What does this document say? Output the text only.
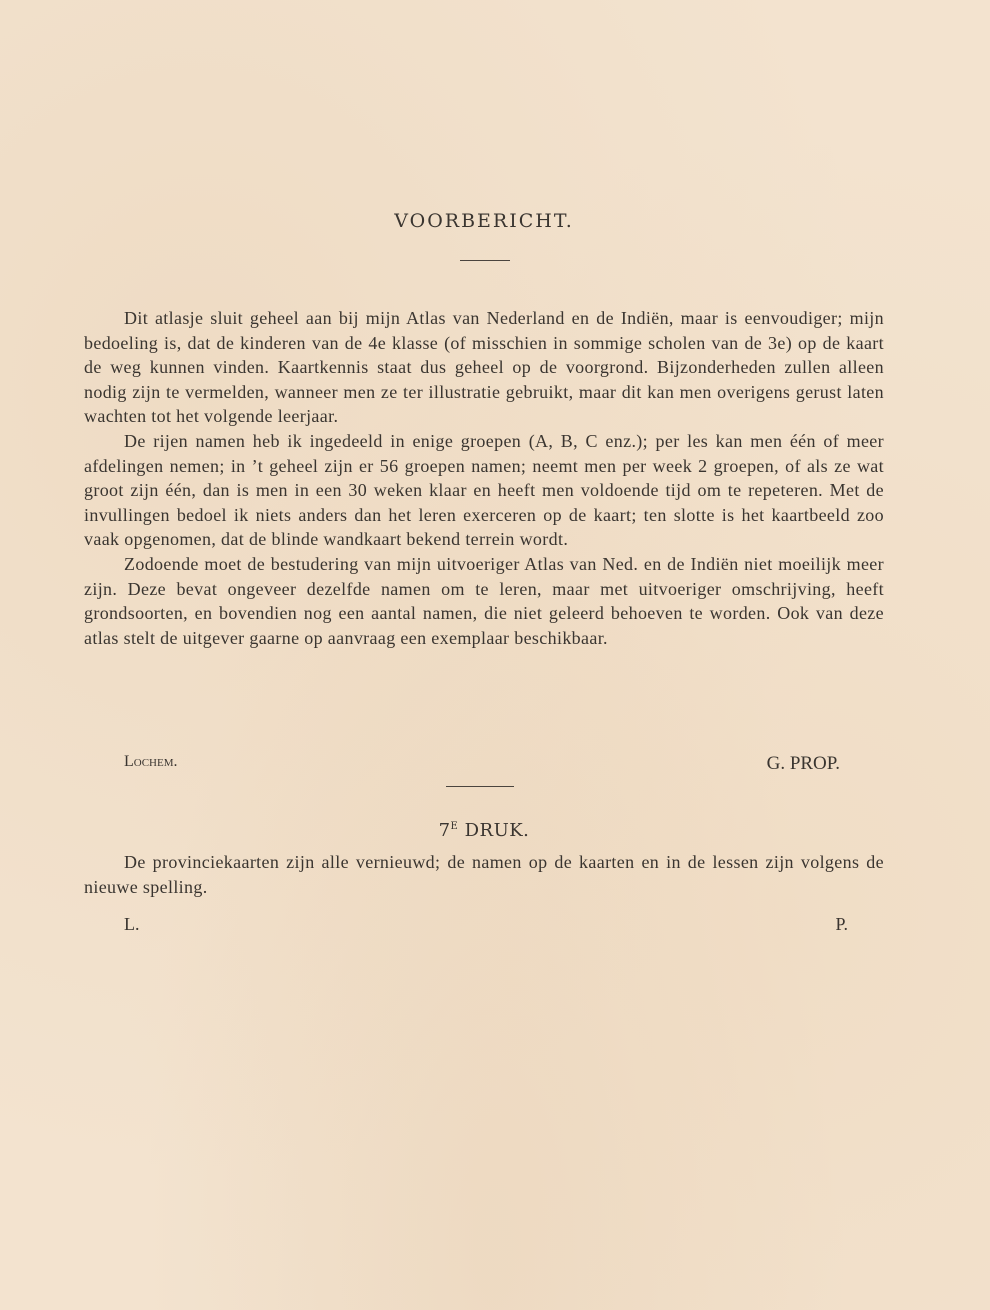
VOORBERICHT.

Dit atlasje sluit geheel aan bij mijn Atlas van Nederland en de Indiën, maar is eenvoudiger; mijn bedoeling is, dat de kinderen van de 4e klasse (of misschien in sommige scholen van de 3e) op de kaart de weg kunnen vinden. Kaartkennis staat dus geheel op de voorgrond. Bijzonderheden zullen alleen nodig zijn te vermelden, wanneer men ze ter illustratie gebruikt, maar dit kan men overigens gerust laten wachten tot het volgende leerjaar.

De rijen namen heb ik ingedeeld in enige groepen (A, B, C enz.); per les kan men één of meer afdelingen nemen; in ’t geheel zijn er 56 groepen namen; neemt men per week 2 groepen, of als ze wat groot zijn één, dan is men in een 30 weken klaar en heeft men voldoende tijd om te repeteren. Met de invullingen bedoel ik niets anders dan het leren exerceren op de kaart; ten slotte is het kaartbeeld zoo vaak opgenomen, dat de blinde wandkaart bekend terrein wordt.

Zodoende moet de bestudering van mijn uitvoeriger Atlas van Ned. en de Indiën niet moeilijk meer zijn. Deze bevat ongeveer dezelfde namen om te leren, maar met uitvoeriger omschrijving, heeft grondsoorten, en bovendien nog een aantal namen, die niet geleerd behoeven te worden. Ook van deze atlas stelt de uitgever gaarne op aanvraag een exemplaar beschikbaar.

Lochem.	G. PROP.
$7^E$ DRUK.

De provinciekaarten zijn alle vernieuwd; de namen op de kaarten en in de lessen zijn volgens de nieuwe spelling.

L.	P.
